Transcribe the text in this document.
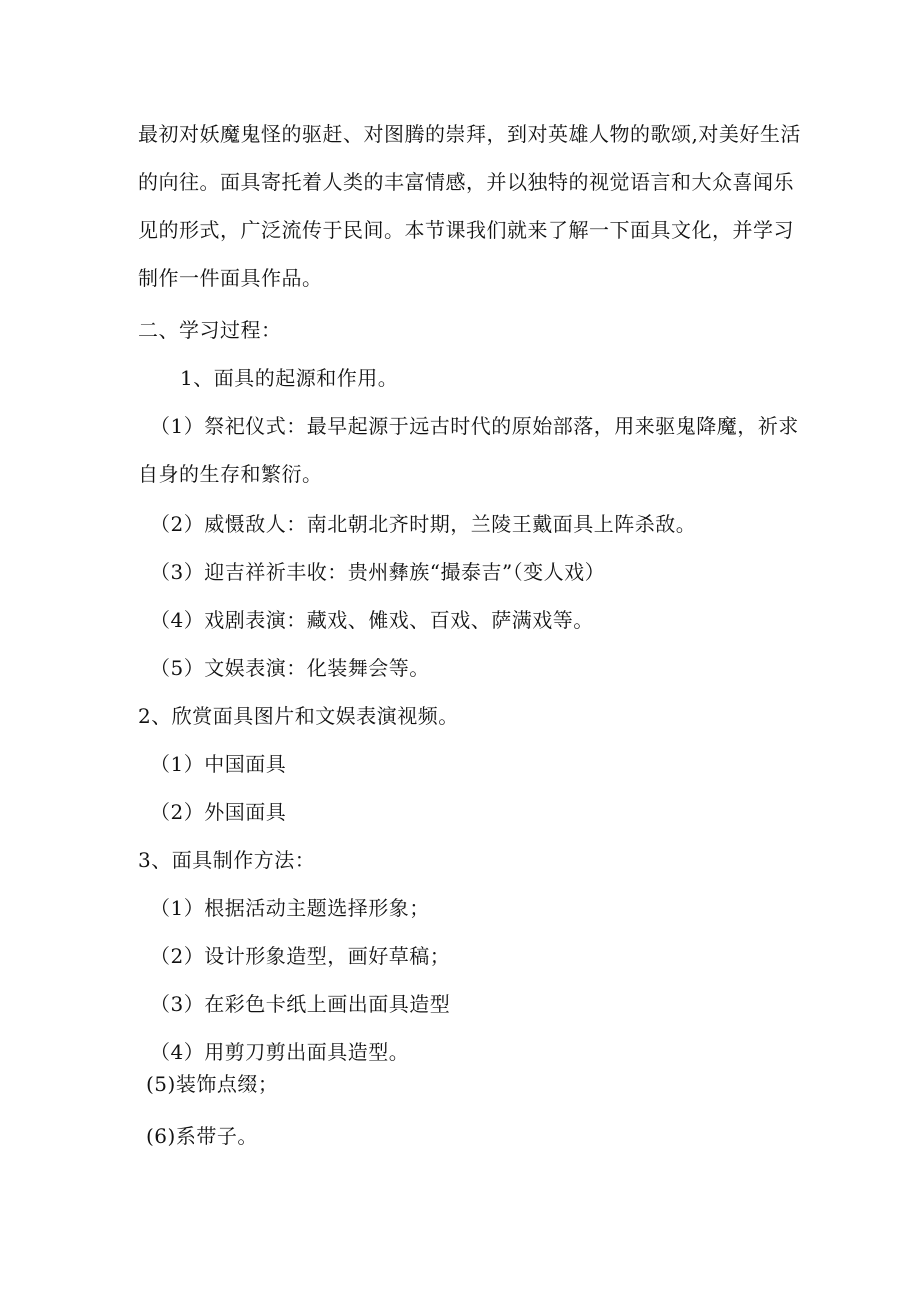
最初对妖魔鬼怪的驱赶、对图腾的崇拜，到对英雄人物的歌颂,对美好生活
的向往。面具寄托着人类的丰富情感，并以独特的视觉语言和大众喜闻乐
见的形式，广泛流传于民间。本节课我们就来了解一下面具文化，并学习
制作一件面具作品。
二、学习过程：
1、面具的起源和作用。
（1）祭祀仪式：最早起源于远古时代的原始部落，用来驱鬼降魔，祈求
自身的生存和繁衍。
（2）威慑敌人：南北朝北齐时期，兰陵王戴面具上阵杀敌。
（3）迎吉祥祈丰收：贵州彝族“撮泰吉”（变人戏）
（4）戏剧表演：藏戏、傩戏、百戏、萨满戏等。
（5）文娱表演：化装舞会等。
2、欣赏面具图片和文娱表演视频。
（1）中国面具
（2）外国面具
3、面具制作方法：
（1）根据活动主题选择形象；
（2）设计形象造型，画好草稿；
（3）在彩色卡纸上画出面具造型
（4）用剪刀剪出面具造型。
(5)装饰点缀；
(6)系带子。
